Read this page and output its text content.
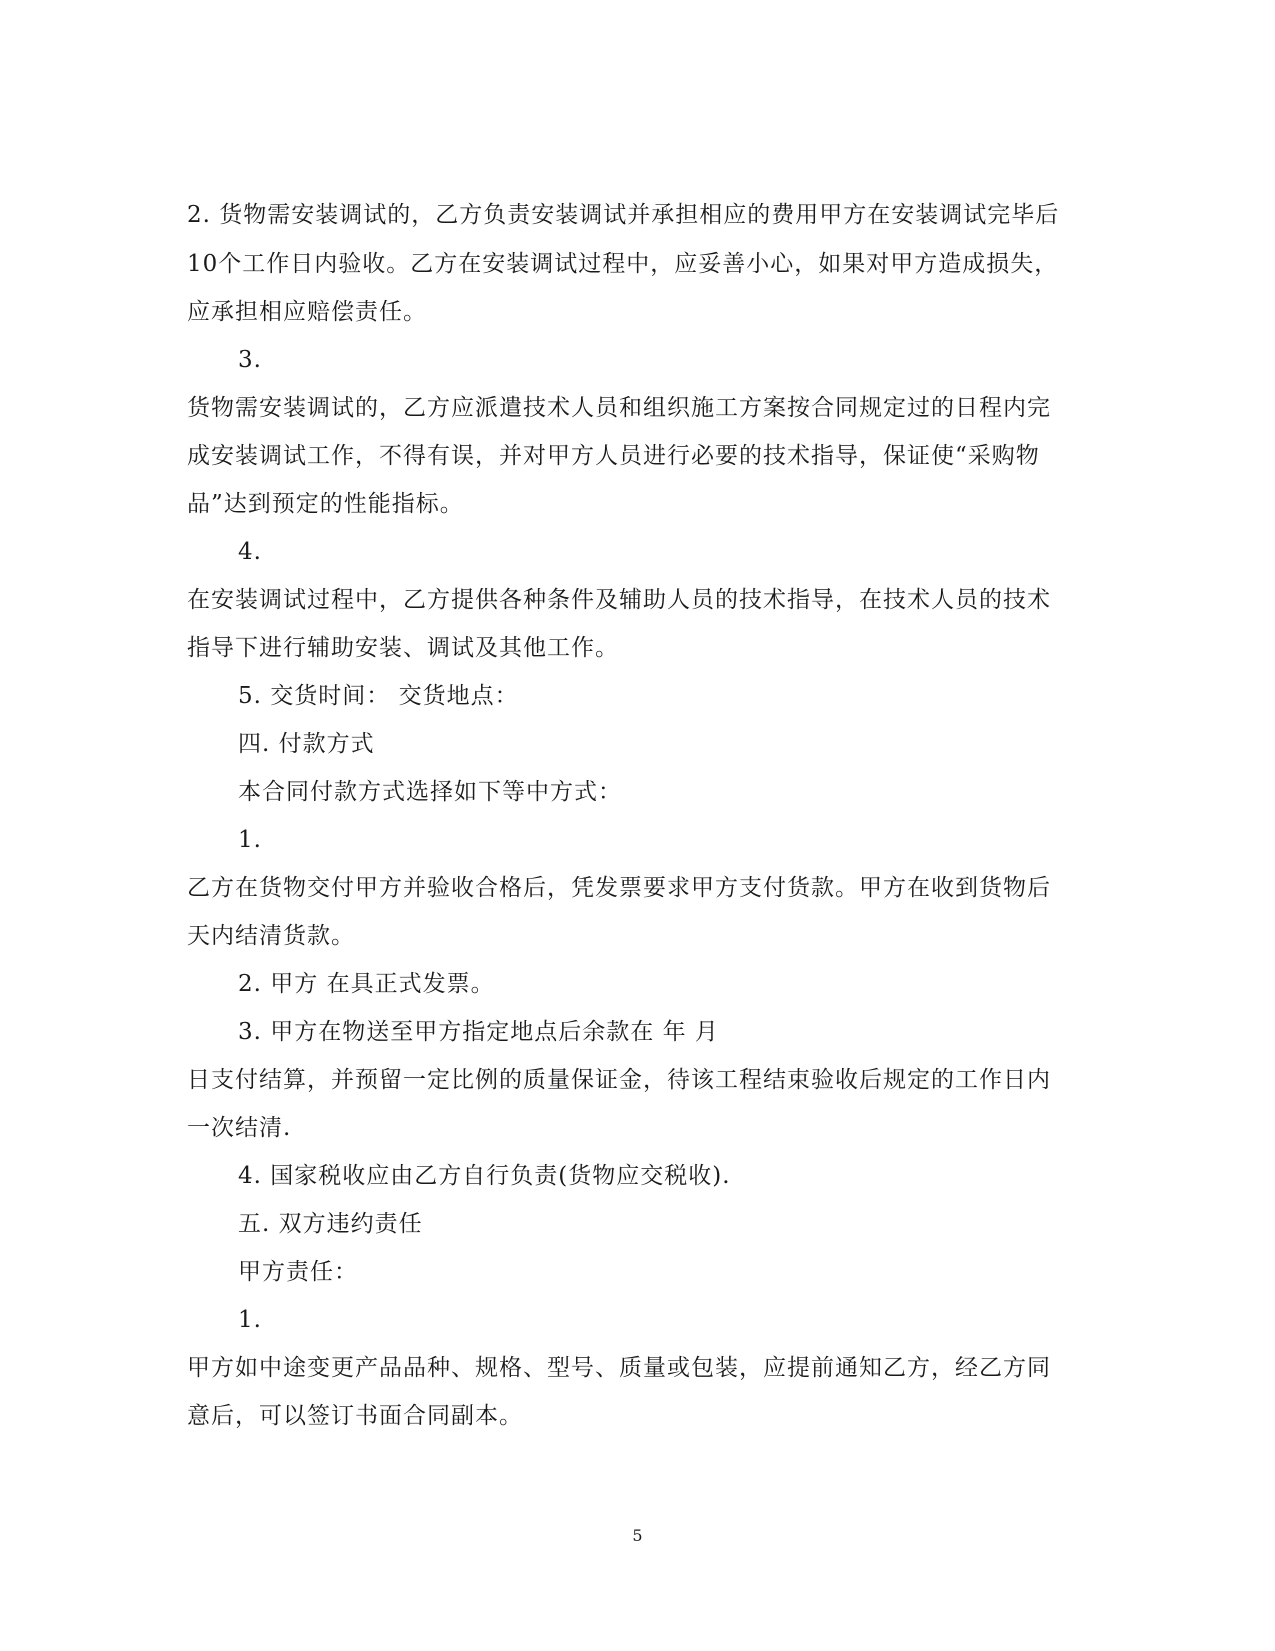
2. 货物需安装调试的，乙方负责安装调试并承担相应的费用甲方在安装调试完毕后
10个工作日内验收。乙方在安装调试过程中，应妥善小心，如果对甲方造成损失，
应承担相应赔偿责任。
3.
货物需安装调试的，乙方应派遣技术人员和组织施工方案按合同规定过的日程内完
成安装调试工作，不得有误，并对甲方人员进行必要的技术指导，保证使“采购物
品”达到预定的性能指标。
4.
在安装调试过程中，乙方提供各种条件及辅助人员的技术指导，在技术人员的技术
指导下进行辅助安装、调试及其他工作。
5. 交货时间： 交货地点：
四. 付款方式
本合同付款方式选择如下等中方式：
1.
乙方在货物交付甲方并验收合格后，凭发票要求甲方支付货款。甲方在收到货物后
天内结清货款。
2. 甲方 在具正式发票。
3. 甲方在物送至甲方指定地点后余款在 年 月
日支付结算，并预留一定比例的质量保证金，待该工程结束验收后规定的工作日内
一次结清.
4. 国家税收应由乙方自行负责(货物应交税收).
五. 双方违约责任
甲方责任：
1.
甲方如中途变更产品品种、规格、型号、质量或包装，应提前通知乙方，经乙方同
意后，可以签订书面合同副本。
5
